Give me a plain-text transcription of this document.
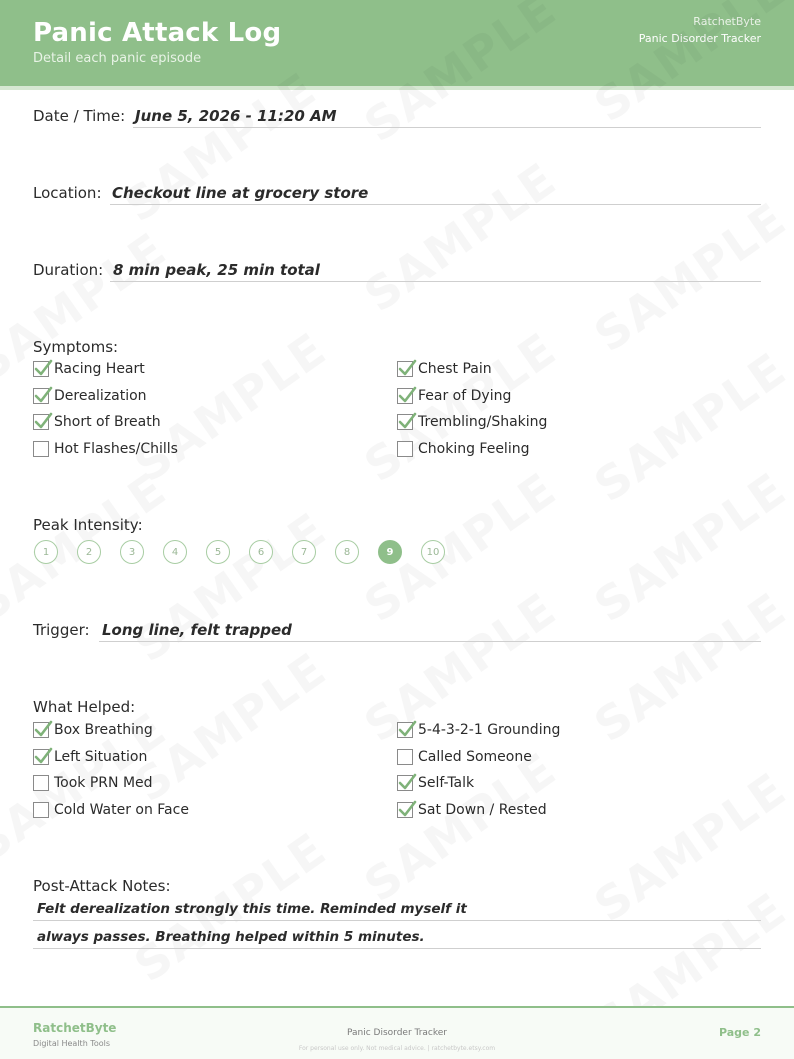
Panic Attack Log
Detail each panic episode
RatchetByte
Panic Disorder Tracker
Date / Time: June 5, 2026 - 11:20 AM
Location: Checkout line at grocery store
Duration: 8 min peak, 25 min total
Symptoms:
Racing Heart
Derealization
Short of Breath
Hot Flashes/Chills
Chest Pain
Fear of Dying
Trembling/Shaking
Choking Feeling
Peak Intensity:
1	2	3	4	5	6	7	8	9	10
Trigger: Long line, felt trapped
What Helped:
Box Breathing
Left Situation
Took PRN Med
Cold Water on Face
5-4-3-2-1 Grounding
Called Someone
Self-Talk
Sat Down / Rested
Post-Attack Notes:
Felt derealization strongly this time. Reminded myself it
always passes. Breathing helped within 5 minutes.
RatchetByte
Digital Health Tools
Panic Disorder Tracker
For personal use only. Not medical advice. | ratchetbyte.etsy.com
Page 2
